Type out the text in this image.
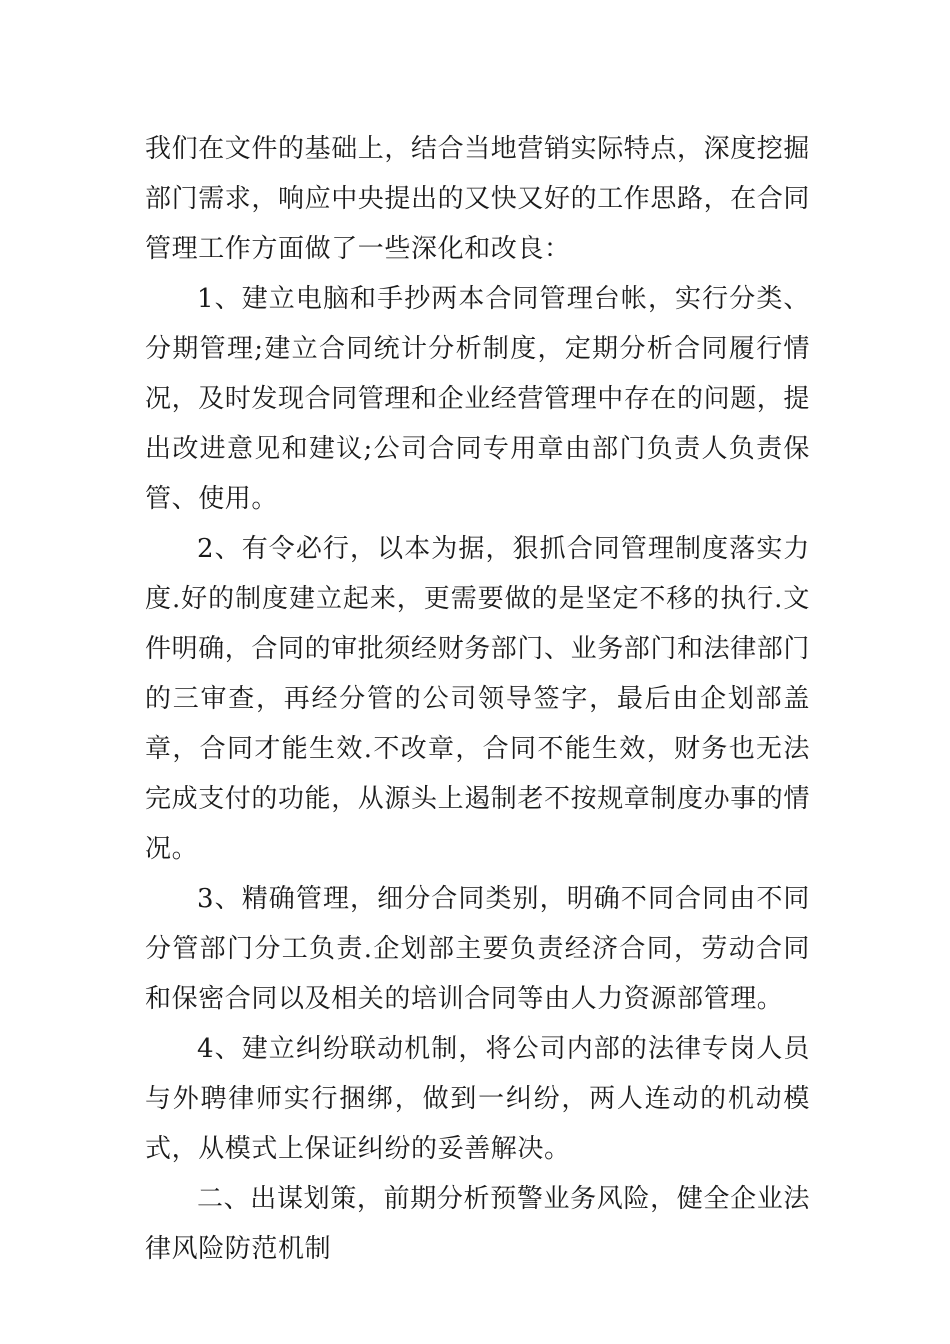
我们在文件的基础上，结合当地营销实际特点，深度挖掘部门需求，响应中央提出的又快又好的工作思路，在合同管理工作方面做了一些深化和改良：

1、建立电脑和手抄两本合同管理台帐，实行分类、分期管理;建立合同统计分析制度，定期分析合同履行情况，及时发现合同管理和企业经营管理中存在的问题，提出改进意见和建议;公司合同专用章由部门负责人负责保管、使用。

2、有令必行，以本为据，狠抓合同管理制度落实力度.好的制度建立起来，更需要做的是坚定不移的执行.文件明确，合同的审批须经财务部门、业务部门和法律部门的三审查，再经分管的公司领导签字，最后由企划部盖章，合同才能生效.不改章，合同不能生效，财务也无法完成支付的功能，从源头上遏制老不按规章制度办事的情况。

3、精确管理，细分合同类别，明确不同合同由不同分管部门分工负责.企划部主要负责经济合同，劳动合同和保密合同以及相关的培训合同等由人力资源部管理。

4、建立纠纷联动机制，将公司内部的法律专岗人员与外聘律师实行捆绑，做到一纠纷，两人连动的机动模式，从模式上保证纠纷的妥善解决。

二、出谋划策，前期分析预警业务风险，健全企业法律风险防范机制
